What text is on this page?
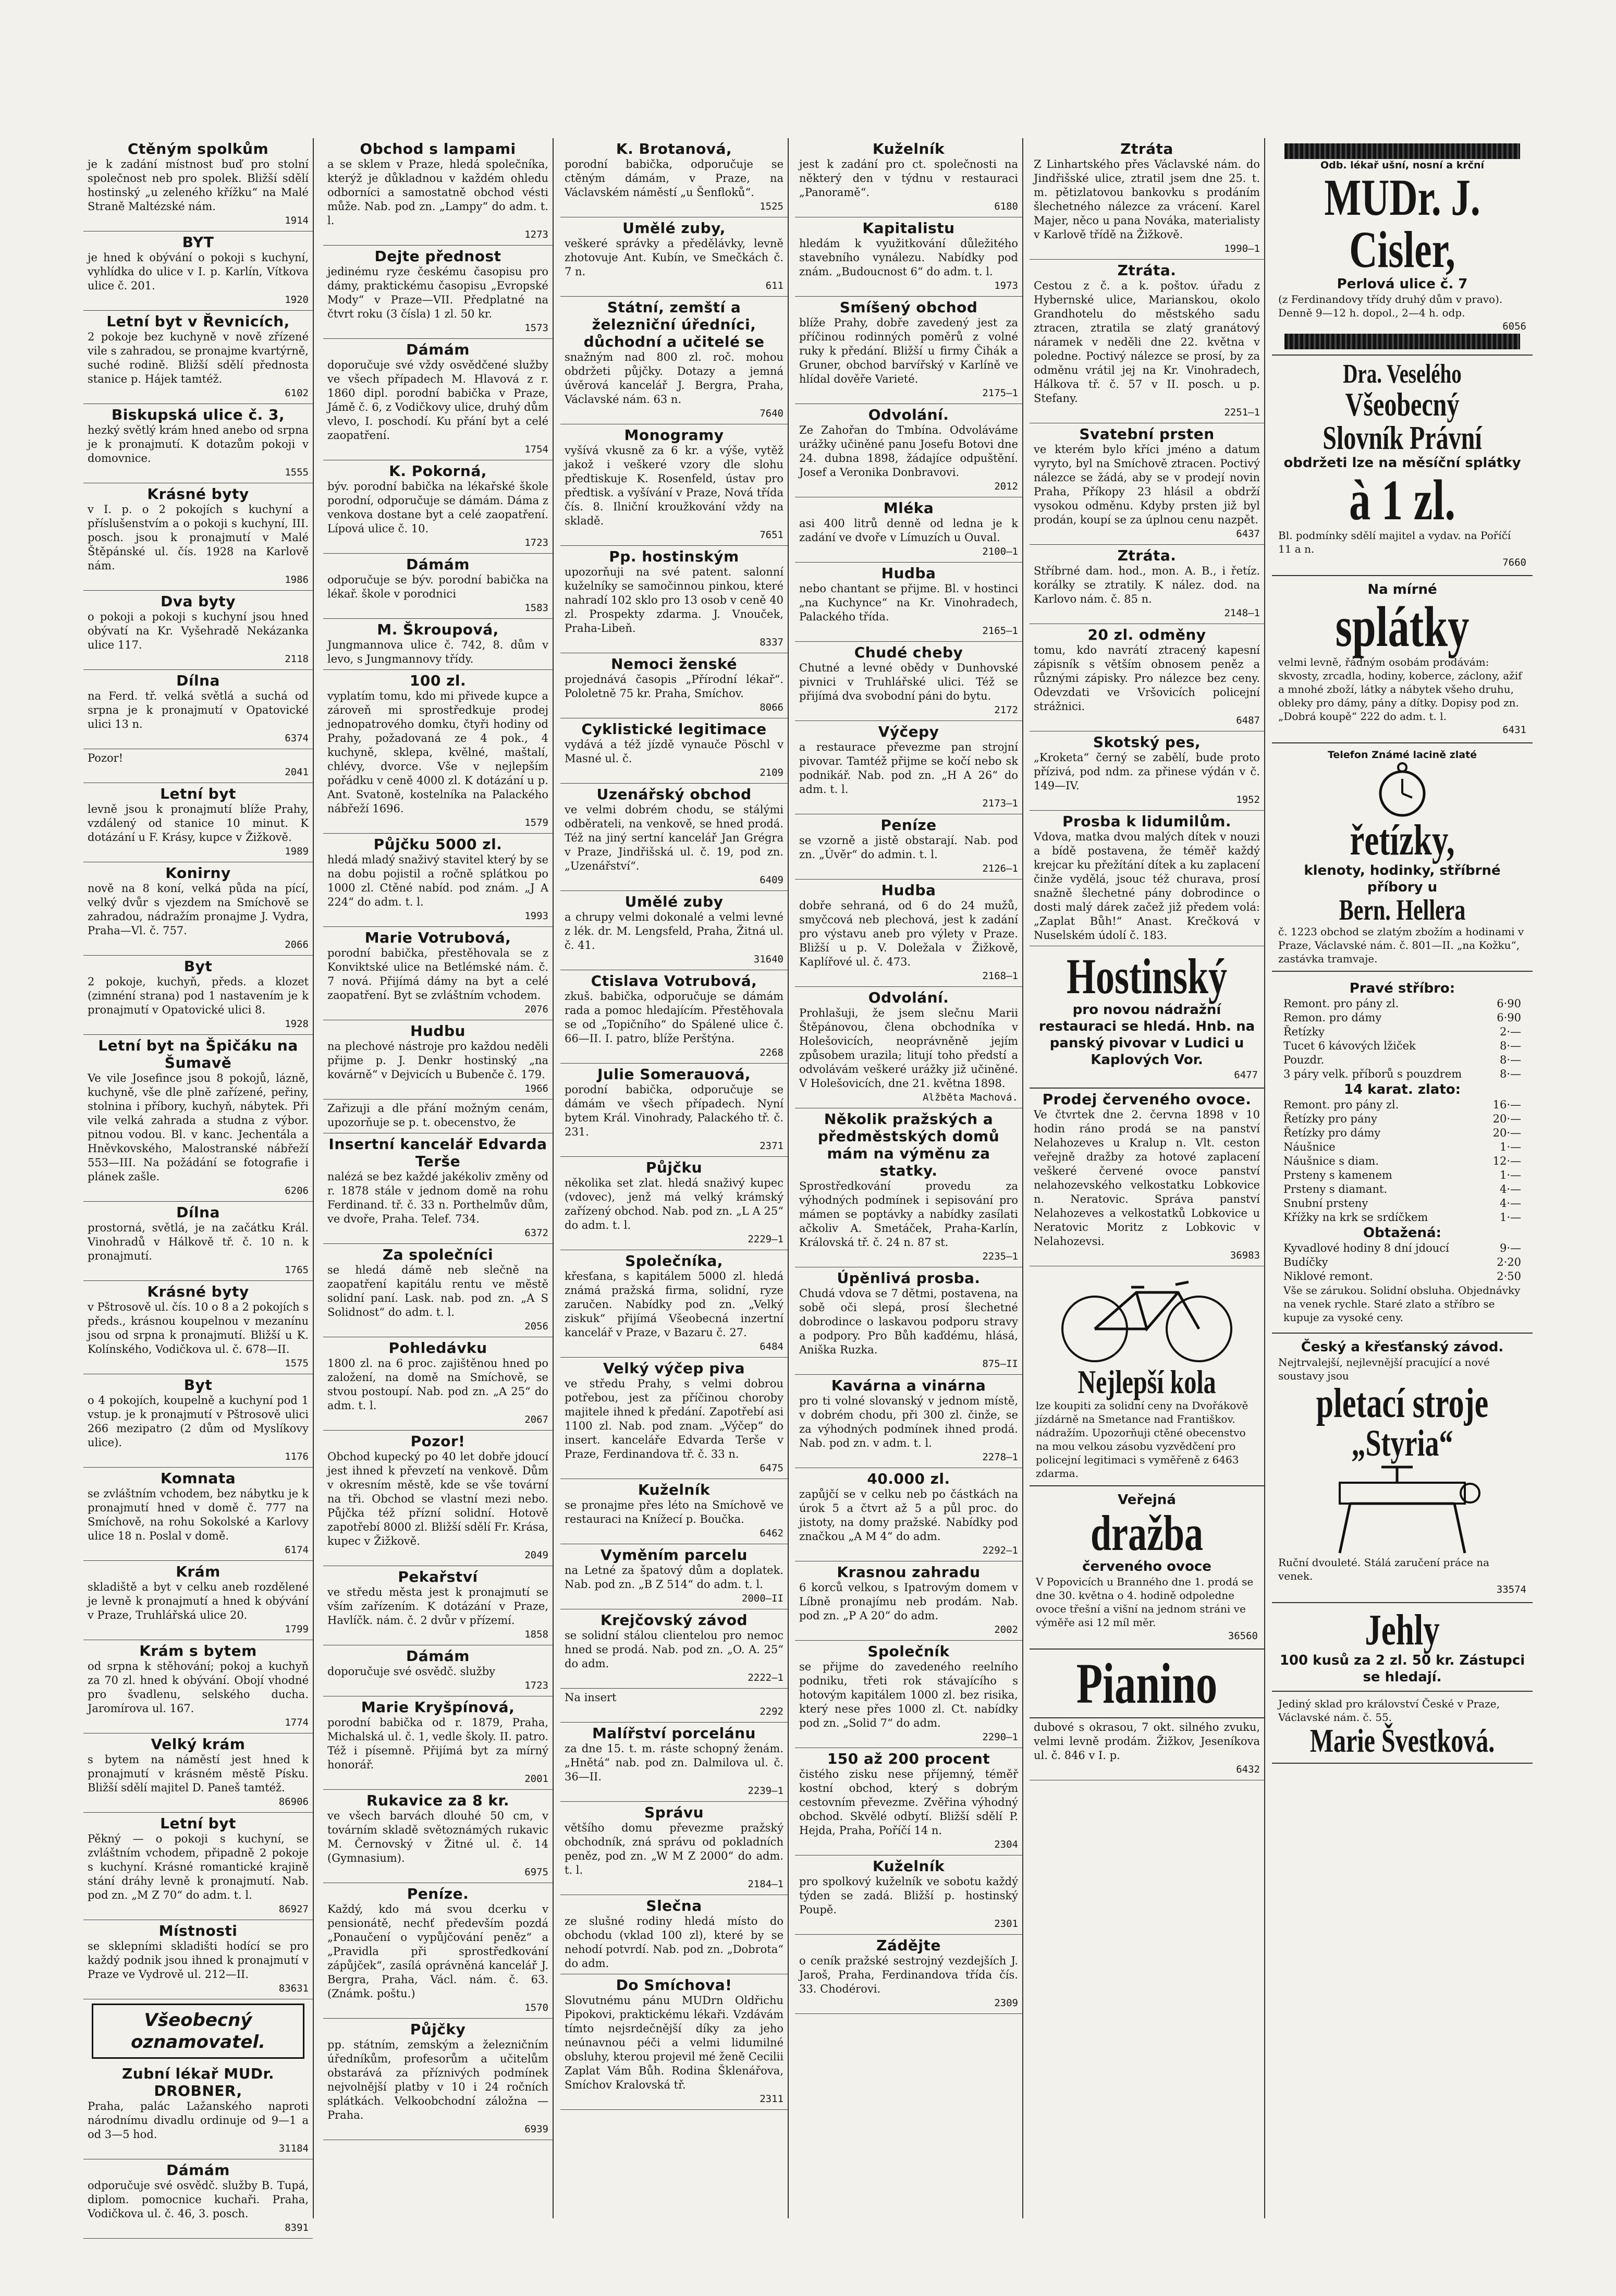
Ctěným spolkům

je k zadání místnost buď pro stolní společnost neb pro spolek. Bližší sdělí hostinský „u zeleného křížku“ na Malé Straně Maltézské nám.

1914
BYT

je hned k obývání o pokoji s kuchyní, vyhlídka do ulice v I. p. Karlín, Vítkova ulice č. 201.

1920
Letní byt v Řevnicích,

2 pokoje bez kuchyně v nově zřízené vile s zahradou, se pronajme kvartýrně, suché rodině. Bližší sdělí přednosta stanice p. Hájek tamtéž.

6102
Biskupská ulice č. 3,

hezký světlý krám hned anebo od srpna je k pronajmutí. K dotazům pokoji v domovnice.

1555
Krásné byty

v I. p. o 2 pokojích s kuchyní a příslušenstvím a o pokoji s kuchyní, III. posch. jsou k pronajmutí v Malé Štěpánské ul. čís. 1928 na Karlově nám.

1986
Dva byty

o pokoji a pokoji s kuchyní jsou hned obývatí na Kr. Vyšehradě Nekázanka ulice 117.

2118
Dílna

na Ferd. tř. velká světlá a suchá od srpna je k pronajmutí v Opatovické ulici 13 n.

6374

Pozor!

2041
Letní byt

levně jsou k pronajmutí blíže Prahy, vzdálený od stanice 10 minut. K dotázání u F. Krásy, kupce v Žižkově.

1989
Konirny

nově na 8 koní, velká půda na pící, velký dvůr s vjezdem na Smíchově se zahradou, nádražím pronajme J. Vydra, Praha—Vl. č. 757.

2066
Byt

2 pokoje, kuchyň, předs. a klozet (zimnéní strana) pod 1 nastavením je k pronajmutí v Opatovické ulici 8.

1928
Letní byt na Špičáku na Šumavě

Ve vile Josefince jsou 8 pokojů, lázně, kuchyně, vše dle plně zařízené, peřiny, stolnina i příbory, kuchyň, nábytek. Při vile velká zahrada a studna z výbor. pitnou vodou. Bl. v kanc. Jechentála a Hněvkovského, Malostranské nábřeží 553—III. Na požádání se fotografie i plánek zašle.

6206
Dílna

prostorná, světlá, je na začátku Král. Vinohradů v Hálkově tř. č. 10 n. k pronajmutí.

1765
Krásné byty

v Pštrosově ul. čís. 10 o 8 a 2 pokojích s předs., krásnou koupelnou v mezanínu jsou od srpna k pronajmutí. Bližší u K. Kolínského, Vodičkova ul. č. 678—II.

1575
Byt

o 4 pokojích, koupelně a kuchyní pod 1 vstup. je k pronajmutí v Pštrosově ulici 266 mezipatro (2 dům od Myslíkovy ulice).

1176
Komnata

se zvláštním vchodem, bez nábytku je k pronajmutí hned v domě č. 777 na Smíchově, na rohu Sokolské a Karlovy ulice 18 n. Poslal v domě.

6174
Krám

skladiště a byt v celku aneb rozdělené je levně k pronajmutí a hned k obývání v Praze, Truhlářská ulice 20.

1799
Krám s bytem

od srpna k stěhování; pokoj a kuchyň za 70 zl. hned k obývání. Obojí vhodné pro švadlenu, selského ducha. Jaromírova ul. 167.

1774
Velký krám

s bytem na náměstí jest hned k pronajmutí v krásném městě Písku. Bližší sdělí majitel D. Paneš tamtéž.

86906
Letní byt

Pěkný — o pokoji s kuchyní, se zvláštním vchodem, připadně 2 pokoje s kuchyní. Krásné romantické krajině stání dráhy levně k pronajmutí. Nab. pod zn. „M Z 70“ do adm. t. l.

86927
Místnosti

se sklepními skladišti hodící se pro každý podnik jsou ihned k pronajmutí v Praze ve Vydrově ul. 212—II.

83631
Všeobecný oznamovatel.
Zubní lékař MUDr. DROBNER,

Praha, palác Lažanského naproti národnímu divadlu ordinuje od 9—1 a od 3—5 hod.

31184
Dámám

odporučuje své osvědč. služby B. Tupá, diplom. pomocnice kuchaři. Praha, Vodičkova ul. č. 46, 3. posch.

8391
Obchod s lampami

a se sklem v Praze, hledá společníka, kterýž je důkladnou v každém ohledu odborníci a samostatně obchod vésti může. Nab. pod zn. „Lampy“ do adm. t. l.

1273
Dejte přednost

jedinému ryze českému časopisu pro dámy, praktickému časopisu „Evropské Mody“ v Praze—VII. Předplatné na čtvrt roku (3 čísla) 1 zl. 50 kr.

1573
Dámám

doporučuje své vždy osvědčené služby ve všech případech M. Hlavová z r. 1860 dipl. porodní babička v Praze, Jámě č. 6, z Vodičkovy ulice, druhý dům vlevo, I. poschodí. Ku přání byt a celé zaopatření.

1754
K. Pokorná,

býv. porodní babička na lékařské škole porodní, odporučuje se dámám. Dáma z venkova dostane byt a celé zaopatření. Lípová ulice č. 10.

1723
Dámám

odporučuje se býv. porodní babička na lékař. škole v porodnici

1583
M. Škroupová,

Jungmannova ulice č. 742, 8. dům v levo, s Jungmannovy třídy.

100 zl.

vyplatím tomu, kdo mi přivede kupce a zároveň mi sprostředkuje prodej jednopatrového domku, čtyři hodiny od Prahy, požadovaná ze 4 pok., 4 kuchyně, sklepa, kvělné, maštalí, chlévy, dvorce. Vše v nejlepším pořádku v ceně 4000 zl. K dotázání u p. Ant. Svatoně, kostelníka na Palackého nábřeží 1696.

1579
Půjčku 5000 zl.

hledá mladý snaživý stavitel který by se na dobu pojistil a ročně splátkou po 1000 zl. Ctěné nabíd. pod znám. „J A 224“ do adm. t. l.

1993
Marie Votrubová,

porodní babička, přestěhovala se z Konviktské ulice na Betlémské nám. č. 7 nová. Přijímá dámy na byt a celé zaopatření. Byt se zvláštním vchodem.

2076
Hudbu

na plechové nástroje pro každou neděli přijme p. J. Denkr hostinský „na kovárně“ v Dejvicích u Bubenče č. 179.

1966

Zařizuji a dle přání možným cenám, upozorňuje se p. t. obecenstvo, že

Insertní kancelář Edvarda Terše

nalézá se bez každé jakékoliv změny od r. 1878 stále v jednom domě na rohu Ferdinand. tř. č. 33 n. Porthelmův dům, ve dvoře, Praha. Telef. 734.

6372
Za společníci

se hledá dámě neb slečně na zaopatření kapitálu rentu ve městě solidní paní. Lask. nab. pod zn. „A S Solidnost“ do adm. t. l.

2056
Pohledávku

1800 zl. na 6 proc. zajištěnou hned po založení, na domě na Smíchově, se stvou postoupí. Nab. pod zn. „A 25“ do adm. t. l.

2067
Pozor!

Obchod kupecký po 40 let dobře jdoucí jest ihned k převzetí na venkově. Dům v okresním městě, kde se vše tovární na tři. Obchod se vlastní mezi nebo. Půjčka též přízní solidní. Hotově zapotřebí 8000 zl. Bližší sdělí Fr. Krása, kupec v Žižkově.

2049
Pekařství

ve středu města jest k pronajmutí se vším zařízením. K dotázání v Praze, Havlíčk. nám. č. 2 dvůr v přízemí.

1858
Dámám

doporučuje své osvědč. služby

1723
Marie Kryšpínová,

porodní babička od r. 1879, Praha, Michalská ul. č. 1, vedle školy. II. patro. Též i písemně. Přijímá byt za mírný honorář.

2001
Rukavice za 8 kr.

ve všech barvách dlouhé 50 cm, v továrním skladě světoznámých rukavic M. Černovský v Žitné ul. č. 14 (Gymnasium).

6975
Peníze.

Každý, kdo má svou dcerku v pensionátě, nechť především pozdá „Ponaučení o vypůjčování peněz“ a „Pravidla při sprostředkování zápůjček“, zasílá oprávněná kancelář J. Bergra, Praha, Václ. nám. č. 63. (Známk. poštu.)

1570
Půjčky

pp. státním, zemským a železničním úředníkům, profesorům a učitelům obstarává za příznivých podmínek nejvolnější platby v 10 i 24 ročních splátkách. Velkoobchodní záložna — Praha.

6939
K. Brotanová,

porodní babička, odporučuje se ctěným dámám, v Praze, na Václavském náměstí „u Šenfloků“.

1525
Umělé zuby,

veškeré správky a předělávky, levně zhotovuje Ant. Kubín, ve Smečkách č. 7 n.

611
Státní, zemští a železniční úředníci, důchodní a učitelé se

snažným nad 800 zl. roč. mohou obdržeti půjčky. Dotazy a jemná úvěrová kancelář J. Bergra, Praha, Václavské nám. 63 n.

7640
Monogramy

vyšívá vkusně za 6 kr. a výše, vytěž jakož i veškeré vzory dle slohu předtiskuje K. Rosenfeld, ústav pro předtisk. a vyšívání v Praze, Nová třída čís. 8. Ilniční kroužkování vždy na skladě.

7651
Pp. hostinským

upozorňuji na své patent. salonní kuželníky se samočinnou pinkou, které nahradí 102 sklo pro 13 osob v ceně 40 zl. Prospekty zdarma. J. Vnouček, Praha-Libeň.

8337
Nemoci ženské

projednává časopis „Přírodní lékař“. Pololetně 75 kr. Praha, Smíchov.

8066
Cyklistické legitimace

vydává a též jízdě vynauče Pöschl v Masné ul. č.

2109
Uzenářský obchod

ve velmi dobrém chodu, se stálými odběrateli, na venkově, se hned prodá. Též na jiný sertní kancelář Jan Grégra v Praze, Jindřišská ul. č. 19, pod zn. „Uzenářství“.

6409
Umělé zuby

a chrupy velmi dokonalé a velmi levné z lék. dr. M. Lengsfeld, Praha, Žitná ul. č. 41.

31640
Ctislava Votrubová,

zkuš. babička, odporučuje se dámám rada a pomoc hledajícím. Přestěhovala se od „Topičního“ do Spálené ulice č. 66—II. I. patro, blíže Perštýna.

2268
Julie Somerauová,

porodní babička, odporučuje se dámám ve všech případech. Nyní bytem Král. Vinohrady, Palackého tř. č. 231.

2371
Půjčku

několika set zlat. hledá snaživý kupec (vdovec), jenž má velký krámský zařízený obchod. Nab. pod zn. „L A 25“ do adm. t. l.

2229—1
Společníka,

křesťana, s kapitálem 5000 zl. hledá známá pražská firma, solidní, ryze zaručen. Nabídky pod zn. „Velký ziskuk“ přijímá Všeobecná inzertní kancelář v Praze, v Bazaru č. 27.

6484
Velký výčep piva

ve středu Prahy, s velmi dobrou potřebou, jest za příčinou choroby majitele ihned k předání. Zapotřebí asi 1100 zl. Nab. pod znam. „Výčep“ do insert. kanceláře Edvarda Terše v Praze, Ferdinandova tř. č. 33 n.

6475
Kuželník

se pronajme přes léto na Smíchově ve restauraci na Knížecí p. Boučka.

6462
Vyměním parcelu

na Letné za špatový dům a doplatek. Nab. pod zn. „B Z 514“ do adm. t. l.

2000—II
Krejčovský závod

se solidní stálou clientelou pro nemoc hned se prodá. Nab. pod zn. „O. A. 25“ do adm.

2222—1

Na insert

2292
Malířství porcelánu

za dne 15. t. m. ráste schopný ženám. „Hnětá“ nab. pod zn. Dalmilova ul. č. 36—II.

2239—1
Správu

většího domu převezme pražský obchodník, zná správu od pokladních peněz, pod zn. „W M Z 2000“ do adm. t. l.

2184—1
Slečna

ze slušné rodiny hledá místo do obchodu (vklad 100 zl), které by se nehodí potvrdí. Nab. pod zn. „Dobrota“ do adm.

Do Smíchova!

Slovutnému pánu MUDrn Oldřichu Pipokovi, praktickému lékaři. Vzdávám tímto nejsrdečnější díky za jeho neúnavnou péči a velmi lidumilné obsluhy, kterou projevil mé ženě Cecilii Zaplat Vám Bůh. Rodina Šklenářova, Smíchov Kralovská tř.

2311
Kuželník

jest k zadání pro ct. společnosti na některý den v týdnu v restauraci „Panoramě“.

6180
Kapitalistu

hledám k využitkování důležitého stavebního vynálezu. Nabídky pod znám. „Budoucnost 6“ do adm. t. l.

1973
Smíšený obchod

blíže Prahy, dobře zavedený jest za příčinou rodinných poměrů z volné ruky k předání. Bližší u firmy Čihák a Gruner, obchod barvířský v Karlíně ve hlídal dověře Varieté.

2175—1
Odvolání.

Ze Zahořan do Tmbína. Odvoláváme urážky učiněné panu Josefu Botovi dne 24. dubna 1898, žádajíce odpuštění. Josef a Veronika Donbravovi.

2012
Mléka

asi 400 litrů denně od ledna je k zadání ve dvoře v Límuzích u Ouval.

2100—1
Hudba

nebo chantant se přijme. Bl. v hostinci „na Kuchynce“ na Kr. Vinohradech, Palackého třída.

2165—1
Chudé cheby

Chutné a levné obědy v Dunhovské pivnici v Truhlářské ulici. Též se přijímá dva svobodní páni do bytu.

2172
Výčepy

a restaurace převezme pan strojní pivovar. Tamtéž přijme se kočí nebo sk podnikář. Nab. pod zn. „H A 26“ do adm. t. l.

2173—1
Peníze

se vzorně a jistě obstarají. Nab. pod zn. „Úvěr“ do admin. t. l.

2126—1
Hudba

dobře sehraná, od 6 do 24 mužů, smyčcová neb plechová, jest k zadání pro výstavu aneb pro výlety v Praze. Bližší u p. V. Doležala v Žižkově, Kaplířové ul. č. 473.

2168—1
Odvolání.

Prohlašuji, že jsem slečnu Marii Štěpánovou, člena obchodníka v Holešovicích, neoprávněně jejím způsobem urazila; litují toho předstí a odvolávám veškeré urážky již učiněné. V Holešovicích, dne 21. května 1898.

Alžběta Machová.
Několik pražských a předměstských domů mám na výměnu za statky.

Sprostředkování provedu za výhodných podmínek i sepisování pro mámen se poptávky a nabídky zasílati ačkoliv A. Smetáček, Praha-Karlín, Královská tř. č. 24 n. 87 st.

2235—1
Úpěnlivá prosba.

Chudá vdova se 7 dětmi, postavena, na sobě oči slepá, prosí šlechetné dobrodince o laskavou podporu stravy a podpory. Pro Bůh kaďdému, hlásá, Aniška Ruzka.

875—II
Kavárna a vinárna

pro ti volné slovanský v jednom místě, v dobrém chodu, při 300 zl. činže, se za výhodných podmínek ihned prodá. Nab. pod zn. v adm. t. l.

2278—1
40.000 zl.

zapůjčí se v celku neb po částkách na úrok 5 a čtvrt až 5 a půl proc. do jistoty, na domy pražské. Nabídky pod značkou „A M 4“ do adm.

2292—1
Krasnou zahradu

6 korců velkou, s Ipatrovým domem v Líbně pronajímu neb prodám. Nab. pod zn. „P A 20“ do adm.

2002
Společník

se přijme do zavedeného reelního podniku, třeti rok stávajícího s hotovým kapitálem 1000 zl. bez risika, který nese přes 1000 zl. Ct. nabídky pod zn. „Solid 7“ do adm.

2290—1
150 až 200 procent

čistého zisku nese příjemný, téměř kostní obchod, který s dobrým cestovním převezme. Zvěřina výhodný obchod. Skvělé odbytí. Bližší sdělí P. Hejda, Praha, Poříčí 14 n.

2304
Kuželník

pro spolkový kuželník ve sobotu každý týden se zadá. Bližší p. hostinský Poupě.

2301
Zádějte

o ceník pražské sestrojný vezdejších J. Jaroš, Praha, Ferdinandova třída čís. 33. Chodérovi.

2309
Ztráta

Z Linhartského přes Václavské nám. do Jindřišské ulice, ztratil jsem dne 25. t. m. pětizlatovou bankovku s prodáním šlechetného nálezce za vrácení. Karel Majer, něco u pana Nováka, materialisty v Karlově třídě na Žižkově.

1990—1
Ztráta.

Cestou z č. a k. poštov. úřadu z Hybernské ulice, Marianskou, okolo Grandhotelu do městského sadu ztracen, ztratila se zlatý granátový náramek v neděli dne 22. května v poledne. Poctivý nálezce se prosí, by za odměnu vrátil jej na Kr. Vinohradech, Hálkova tř. č. 57 v II. posch. u p. Stefany.

2251—1
Svatební prsten

ve kterém bylo kříci jméno a datum vyryto, byl na Smíchově ztracen. Poctivý nálezce se žádá, aby se v prodejí novin Praha, Příkopy 23 hlásil a obdrží vysokou odměnu. Kdyby prsten již byl prodán, koupí se za úplnou cenu nazpět.

6437
Ztráta.

Stříbrné dam. hod., mon. A. B., i řetíz. korálky se ztratily. K nález. dod. na Karlovo nám. č. 85 n.

2148—1
20 zl. odměny

tomu, kdo navrátí ztracený kapesní zápisník s větším obnosem peněz a různými zápisky. Pro nálezce bez ceny. Odevzdati ve Vršovicích policejní strážnici.

6487
Skotský pes,

„Kroketa“ černý se zabělí, bude proto přízivá, pod ndm. za přinese výdán v č. 149—IV.

1952
Prosba k lidumilům.

Vdova, matka dvou malých dítek v nouzi a bídě postavena, že téměř každý krejcar ku přežítání dítek a ku zaplacení činže vydělá, jsouc též churava, prosí snažně šlechetné pány dobrodince o dosti malý dárek začež již předem volá: „Zaplat Bůh!“ Anast. Krečková v Nuselském údolí č. 183.

Hostinský
pro novou nádražní restauraci se hledá. Hnb. na panský pivovar v Ludici u Kaplových Vor.
6477
Prodej červeného ovoce.

Ve čtvrtek dne 2. června 1898 v 10 hodin ráno prodá se na panství Nelahozeves u Kralup n. Vlt. ceston veřejně dražby za hotové zaplacení veškeré červené ovoce panství nelahozevského velkostatku Lobkovice n. Neratovic. Správa panství Nelahozeves a velkostatků Lobkovice u Neratovic Moritz z Lobkovic v Nelahozevsi.

36983
Nejlepší kola
lze koupiti za solidní ceny na Dvořákově jízdárně na Smetance nad Františkov. nádražím. Upozorňuji ctěné obecenstvo na mou velkou zásobu vyzvědčení pro policejní legitimaci s vyměřeně z 6463 zdarma.
Veřejná
dražba
červeného ovoce
V Popovicích u Branného dne 1. prodá se dne 30. května o 4. hodině odpoledne ovoce třešní a višní na jednom stráni ve výměře asi 12 míl měr.
36560
Pianino

dubové s okrasou, 7 okt. silného zvuku, velmi levně prodám. Žižkov, Jeseníkova ul. č. 846 v I. p.

6432
Odb. lékař ušní, nosní a krční
MUDr. J. Cisler,
Perlová ulice č. 7
(z Ferdinandovy třídy druhý dům v pravo). Denně 9—12 h. dopol., 2—4 h. odp.
6056
Dra. Veselého
Všeobecný Slovník Právní
obdržeti lze na měsíční splátky
à 1 zl.
Bl. podmínky sdělí majitel a vydav. na Poříčí 11 a n.
7660
Na mírné
splátky
velmi levně, řádným osobám prodávám: skvosty, zrcadla, hodiny, koberce, záclony, ažif a mnohé zboží, látky a nábytek všeho druhu, obleky pro dámy, pány a dítky. Dopisy pod zn. „Dobrá koupě“ 222 do adm. t. l.
6431
Telefon Známé lacině zlaté
řetízky,
klenoty, hodinky, stříbrné příbory u
Bern. Hellera
č. 1223 obchod se zlatým zbožím a hodinami v Praze, Václavské nám. č. 801—II. „na Kožku“, zastávka tramvaje.
Pravé stříbro:
Remont. pro pány zl.	6·90
Remon. pro dámy	6·90
Řetízky	2·—
Tucet 6 kávových lžiček	8·—
Pouzdr.	8·—
3 páry velk. příborů s pouzdrem	8·—
14 karat. zlato:
Remont. pro pány zl.	16·—
Řetízky pro pány	20·—
Řetízky pro dámy	20·—
Náušnice	1·—
Náušnice s diam.	12·—
Prsteny s kamenem	1·—
Prsteny s diamant.	4·—
Snubní prsteny	4·—
Křížky na krk se srdíčkem	1·—
Obtažená:
Kyvadlové hodiny 8 dní jdoucí	9·—
Budíčky	2·20
Niklové remont.	2·50
Vše se zárukou. Solidní obsluha. Objednávky na venek rychle. Staré zlato a stříbro se kupuje za vysoké ceny.
Český a křesťanský závod.
Nejtrvalejší, nejlevnější pracující a nové soustavy jsou
pletací stroje
„Styria“
Ruční dvouleté. Stálá zaručení práce na venek.
33574
Jehly
100 kusů za 2 zl. 50 kr. Zástupci se hledají.
Jediný sklad pro království České v Praze, Václavské nám. č. 55.
Marie Švestková.
